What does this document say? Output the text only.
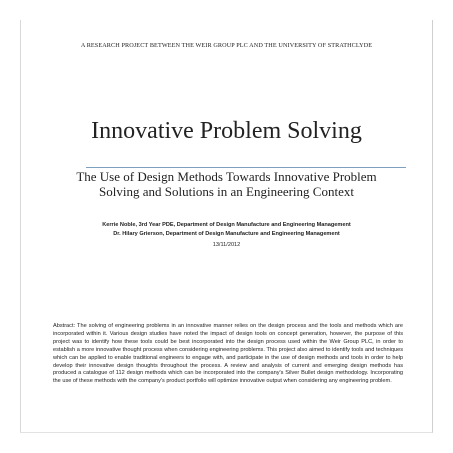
A RESEARCH PROJECT BETWEEN THE WEIR GROUP PLC AND THE UNIVERSITY OF STRATHCLYDE
Innovative Problem Solving
The Use of Design Methods Towards Innovative Problem Solving and Solutions in an Engineering Context
Kerrie Noble, 3rd Year PDE, Department of Design Manufacture and Engineering Management
Dr. Hilary Grierson, Department of Design Manufacture and Engineering Management
13/11/2012
Abstract: The solving of engineering problems in an innovative manner relies on the design process and the tools and methods which are incorporated within it. Various design studies have noted the impact of design tools on concept generation, however, the purpose of this project was to identify how these tools could be best incorporated into the design process used within the Weir Group PLC, in order to establish a more innovative thought process when considering engineering problems. This project also aimed to identify tools and techniques which can be applied to enable traditional engineers to engage with, and participate in the use of design methods and tools in order to help develop their innovative design thoughts throughout the process. A review and analysis of current and emerging design methods has produced a catalogue of 112 design methods which can be incorporated into the company's Silver Bullet design methodology. Incorporating the use of these methods with the company's product portfolio will optimize innovative output when considering any engineering problem.
